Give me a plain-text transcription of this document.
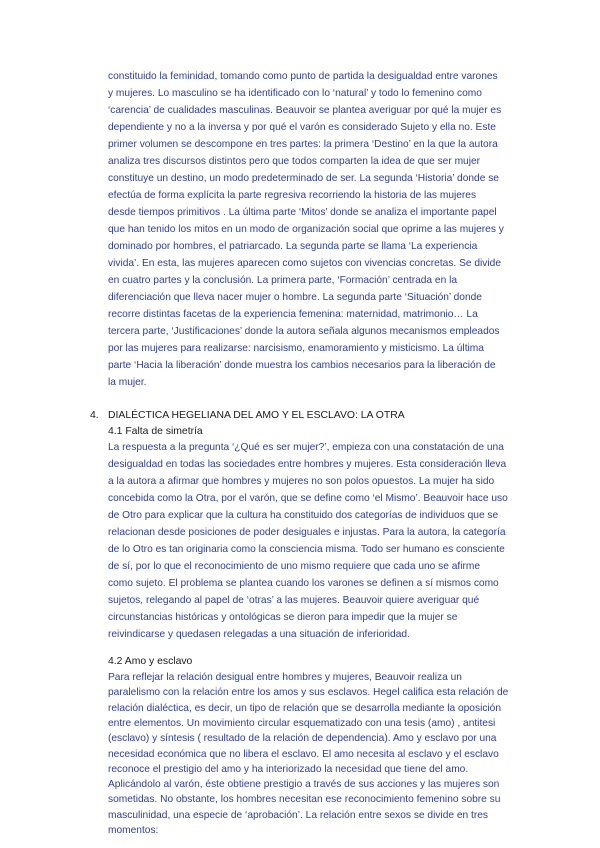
constituido la feminidad, tomando como punto de partida la desigualdad entre varones
y mujeres. Lo masculino se ha identificado con lo ‘natural’ y todo lo femenino como
‘carencia’ de cualidades masculinas. Beauvoir se plantea averiguar por qué la mujer es
dependiente y no a la inversa y por qué el varón es considerado Sujeto y ella no. Este
primer volumen se descompone en tres partes: la primera ‘Destino’ en la que la autora
analiza tres discursos distintos pero que todos comparten la idea de que ser mujer
constituye un destino, un modo predeterminado de ser. La segunda ‘Historia’ donde se
efectúa de forma explícita la parte regresiva recorriendo la historia de las mujeres
desde tiempos primitivos . La última parte ‘Mitos’ donde se analiza el importante papel
que han tenido los mitos en un modo de organización social que oprime a las mujeres y
dominado por hombres, el patriarcado. La segunda parte se llama ‘La experiencia
vivida’. En esta, las mujeres aparecen como sujetos con vivencias concretas. Se divide
en cuatro partes y la conclusión. La primera parte, ‘Formación’ centrada en la
diferenciación que lleva nacer mujer o hombre. La segunda parte ‘Situación’ donde
recorre distintas facetas de la experiencia femenina: maternidad, matrimonio… La
tercera parte, ‘Justificaciones’ donde la autora señala algunos mecanismos empleados
por las mujeres para realizarse: narcisismo, enamoramiento y misticismo. La última
parte ‘Hacia la liberación’ donde muestra los cambios necesarios para la liberación de
la mujer.
4. DIALÉCTICA HEGELIANA DEL AMO Y EL ESCLAVO: LA OTRA
4.1 Falta de simetría
La respuesta a la pregunta ‘¿Qué es ser mujer?’, empieza con una constatación de una
desigualdad en todas las sociedades entre hombres y mujeres. Esta consideración lleva
a la autora a afirmar que hombres y mujeres no son polos opuestos. La mujer ha sido
concebida como la Otra, por el varón, que se define como ‘el Mismo’. Beauvoir hace uso
de Otro para explicar que la cultura ha constituido dos categorías de individuos que se
relacionan desde posiciones de poder desiguales e injustas. Para la autora, la categoría
de lo Otro es tan originaria como la consciencia misma. Todo ser humano es consciente
de sí, por lo que el reconocimiento de uno mismo requiere que cada uno se afirme
como sujeto. El problema se plantea cuando los varones se definen a sí mismos como
sujetos, relegando al papel de ‘otras’ a las mujeres. Beauvoir quiere averiguar qué
circunstancias históricas y ontológicas se dieron para impedir que la mujer se
reivindicarse y quedasen relegadas a una situación de inferioridad.
4.2 Amo y esclavo
Para reflejar la relación desigual entre hombres y mujeres, Beauvoir realiza un
paralelismo con la relación entre los amos y sus esclavos. Hegel califica esta relación de
relación dialéctica, es decir, un tipo de relación que se desarrolla mediante la oposición
entre elementos. Un movimiento circular esquematizado con una tesis (amo) , antitesi
(esclavo) y síntesis ( resultado de la relación de dependencia). Amo y esclavo por una
necesidad económica que no libera el esclavo. El amo necesita al esclavo y el esclavo
reconoce el prestigio del amo y ha interiorizado la necesidad que tiene del amo.
Aplicándolo al varón, éste obtiene prestigio a través de sus acciones y las mujeres son
sometidas. No obstante, los hombres necesitan ese reconocimiento femenino sobre su
masculinidad, una especie de ‘aprobación’. La relación entre sexos se divide en tres
momentos:
